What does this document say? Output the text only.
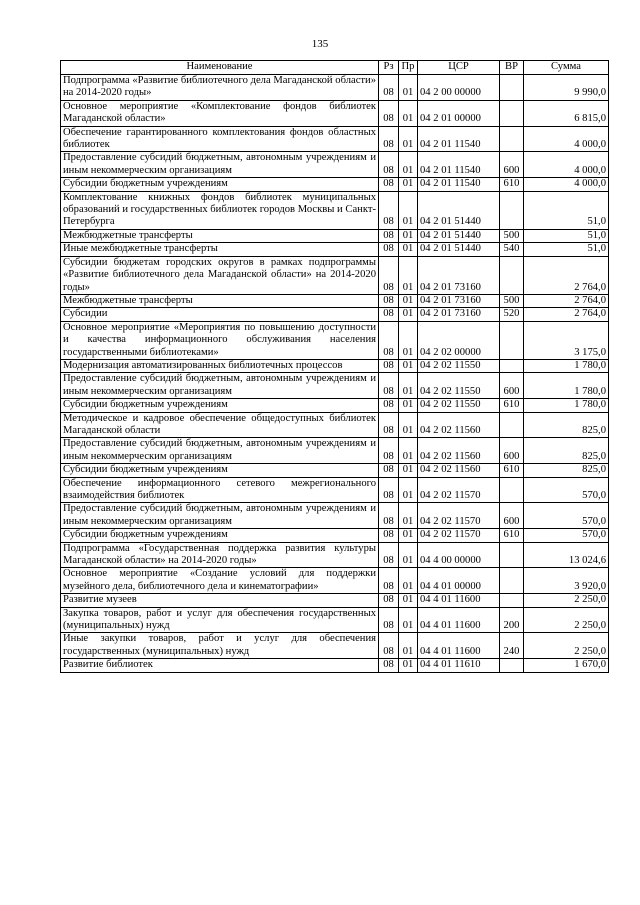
135
Наименование	Рз	Пр	ЦСР	ВР	Сумма
Подпрограмма «Развитие библиотечного дела Магаданской области» на 2014-2020 годы»	08	01	04 2 00 00000		9 990,0
Основное мероприятие «Комплектование фондов библиотек Магаданской области»	08	01	04 2 01 00000		6 815,0
Обеспечение гарантированного комплектования фондов областных библиотек	08	01	04 2 01 11540		4 000,0
Предоставление субсидий бюджетным, автономным учреждениям и иным некоммерческим организациям	08	01	04 2 01 11540	600	4 000,0
Субсидии бюджетным учреждениям	08	01	04 2 01 11540	610	4 000,0
Комплектование книжных фондов библиотек муниципальных образований и государственных библиотек городов Москвы и Санкт-Петербурга	08	01	04 2 01 51440		51,0
Межбюджетные трансферты	08	01	04 2 01 51440	500	51,0
Иные межбюджетные трансферты	08	01	04 2 01 51440	540	51,0
Субсидии бюджетам городских округов в рамках подпрограммы «Развитие библиотечного дела Магаданской области» на 2014-2020 годы»	08	01	04 2 01 73160		2 764,0
Межбюджетные трансферты	08	01	04 2 01 73160	500	2 764,0
Субсидии	08	01	04 2 01 73160	520	2 764,0
Основное мероприятие «Мероприятия по повышению доступности и качества информационного обслуживания населения государственными библиотеками»	08	01	04 2 02 00000		3 175,0
Модернизация автоматизированных библиотечных процессов	08	01	04 2 02 11550		1 780,0
Предоставление субсидий бюджетным, автономным учреждениям и иным некоммерческим организациям	08	01	04 2 02 11550	600	1 780,0
Субсидии бюджетным учреждениям	08	01	04 2 02 11550	610	1 780,0
Методическое и кадровое обеспечение общедоступных библиотек Магаданской области	08	01	04 2 02 11560		825,0
Предоставление субсидий бюджетным, автономным учреждениям и иным некоммерческим организациям	08	01	04 2 02 11560	600	825,0
Субсидии бюджетным учреждениям	08	01	04 2 02 11560	610	825,0
Обеспечение информационного сетевого межрегионального взаимодействия библиотек	08	01	04 2 02 11570		570,0
Предоставление субсидий бюджетным, автономным учреждениям и иным некоммерческим организациям	08	01	04 2 02 11570	600	570,0
Субсидии бюджетным учреждениям	08	01	04 2 02 11570	610	570,0
Подпрограмма «Государственная поддержка развития культуры Магаданской области» на 2014-2020 годы»	08	01	04 4 00 00000		13 024,6
Основное мероприятие «Создание условий для поддержки музейного дела, библиотечного дела и кинематографии»	08	01	04 4 01 00000		3 920,0
Развитие музеев	08	01	04 4 01 11600		2 250,0
Закупка товаров, работ и услуг для обеспечения государственных (муниципальных) нужд	08	01	04 4 01 11600	200	2 250,0
Иные закупки товаров, работ и услуг для обеспечения государственных (муниципальных) нужд	08	01	04 4 01 11600	240	2 250,0
Развитие библиотек	08	01	04 4 01 11610		1 670,0
